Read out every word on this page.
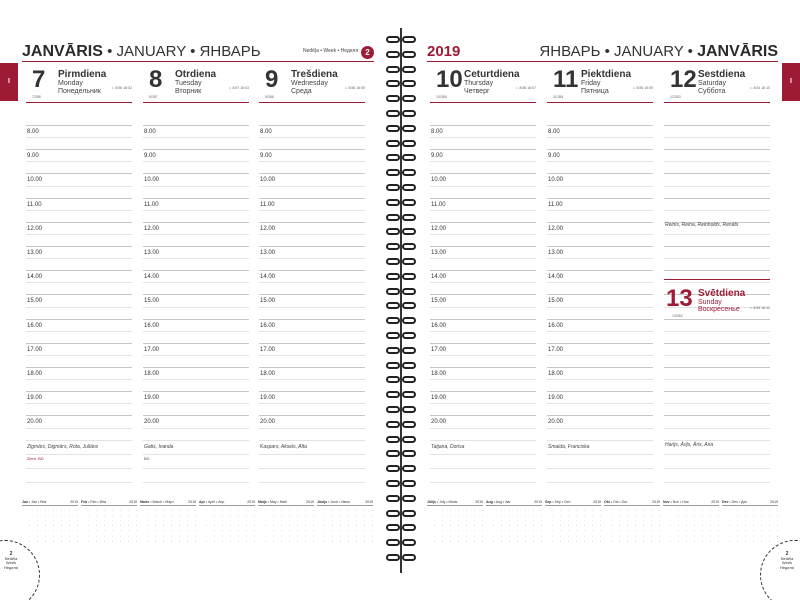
JANVĀRIS • JANUARY • ЯНВАРЬ	Nedēļa • Week • Неделя 2	2019	ЯНВАРЬ • JANUARY • JANVĀRIS
I	I
7 Pirmdiena
Monday
Понедельник
7/358
☼ 8:56 16:02
8.00
9.00
10.00
11.00
12.00
13.00
14.00
15.00
16.00
17.00
18.00
19.00
20.00
Zigmārs, Digmārs, Rota, Juliāns
Ziem. BD
8 Otrdiena
Tuesday
Вторник
8/357
☼ 8:57 16:03
8.00
9.00
10.00
11.00
12.00
13.00
14.00
15.00
16.00
17.00
18.00
19.00
20.00
Gatis, Ivanda
BD
9 Trešdiena
Wednesday
Среда
9/356
☼ 8:56 16:05
8.00
9.00
10.00
11.00
12.00
13.00
14.00
15.00
16.00
17.00
18.00
19.00
20.00
Kaspars, Aksels, Alta
10 Ceturtdiena
Thursday
Четверг
10/355
☼ 8:56 16:07
8.00
9.00
10.00
11.00
12.00
13.00
14.00
15.00
16.00
17.00
18.00
19.00
20.00
Tatjana, Dorisa
11 Piektdiena
Friday
Пятница
11/354
☼ 8:55 16:09
8.00
9.00
10.00
11.00
12.00
13.00
14.00
15.00
16.00
17.00
18.00
19.00
20.00
Smaida, Franciska
12 Sestdiena
Saturday
Суббота
12/353
☼ 8:54 16:10
Reinis, Reina, Reinholds, Renāts
13 Svētdiena
Sunday
Воскресенье
13/352
☼ 8:53 16:12
Harijs, Ārijs, Āris, Aira
Jan • Jan • Янв	2019
·	·	·	·	·	·	·
·	·	·	·	·	·	·
·	·	·	·	·	·	·
·	·	·	·	·	·	·
·	·	·	·	·	·	·
·	·	·	·	·	·	·
·	·	·	·	·	·	·
Feb • Feb • Фев	2019
·	·	·	·	·	·	·
·	·	·	·	·	·	·
·	·	·	·	·	·	·
·	·	·	·	·	·	·
·	·	·	·	·	·	·
·	·	·	·	·	·	·
·	·	·	·	·	·	·
Marts • March • Март	2019
·	·	·	·	·	·	·
·	·	·	·	·	·	·
·	·	·	·	·	·	·
·	·	·	·	·	·	·
·	·	·	·	·	·	·
·	·	·	·	·	·	·
·	·	·	·	·	·	·
Apr • April • Апр	2019
·	·	·	·	·	·	·
·	·	·	·	·	·	·
·	·	·	·	·	·	·
·	·	·	·	·	·	·
·	·	·	·	·	·	·
·	·	·	·	·	·	·
·	·	·	·	·	·	·
Maijs • May • Май	2019
·	·	·	·	·	·	·
·	·	·	·	·	·	·
·	·	·	·	·	·	·
·	·	·	·	·	·	·
·	·	·	·	·	·	·
·	·	·	·	·	·	·
·	·	·	·	·	·	·
Jūnijs • June • Июнь	2019
·	·	·	·	·	·	·
·	·	·	·	·	·	·
·	·	·	·	·	·	·
·	·	·	·	·	·	·
·	·	·	·	·	·	·
·	·	·	·	·	·	·
·	·	·	·	·	·	·
Jūlijs • July • Июль	2019
·	·	·	·	·	·	·
·	·	·	·	·	·	·
·	·	·	·	·	·	·
·	·	·	·	·	·	·
·	·	·	·	·	·	·
·	·	·	·	·	·	·
·	·	·	·	·	·	·
Aug • Aug • Авг	2019
·	·	·	·	·	·	·
·	·	·	·	·	·	·
·	·	·	·	·	·	·
·	·	·	·	·	·	·
·	·	·	·	·	·	·
·	·	·	·	·	·	·
·	·	·	·	·	·	·
Sep • Sep • Сен	2019
·	·	·	·	·	·	·
·	·	·	·	·	·	·
·	·	·	·	·	·	·
·	·	·	·	·	·	·
·	·	·	·	·	·	·
·	·	·	·	·	·	·
·	·	·	·	·	·	·
Okt • Oct • Окт	2019
·	·	·	·	·	·	·
·	·	·	·	·	·	·
·	·	·	·	·	·	·
·	·	·	·	·	·	·
·	·	·	·	·	·	·
·	·	·	·	·	·	·
·	·	·	·	·	·	·
Nov • Nov • Ноя	2019
·	·	·	·	·	·	·
·	·	·	·	·	·	·
·	·	·	·	·	·	·
·	·	·	·	·	·	·
·	·	·	·	·	·	·
·	·	·	·	·	·	·
·	·	·	·	·	·	·
Dec • Dec • Дек	2019
·	·	·	·	·	·	·
·	·	·	·	·	·	·
·	·	·	·	·	·	·
·	·	·	·	·	·	·
·	·	·	·	·	·	·
·	·	·	·	·	·	·
·	·	·	·	·	·	·
2
Nedēļa Week Неделя
2
Nedēļa Week Неделя
